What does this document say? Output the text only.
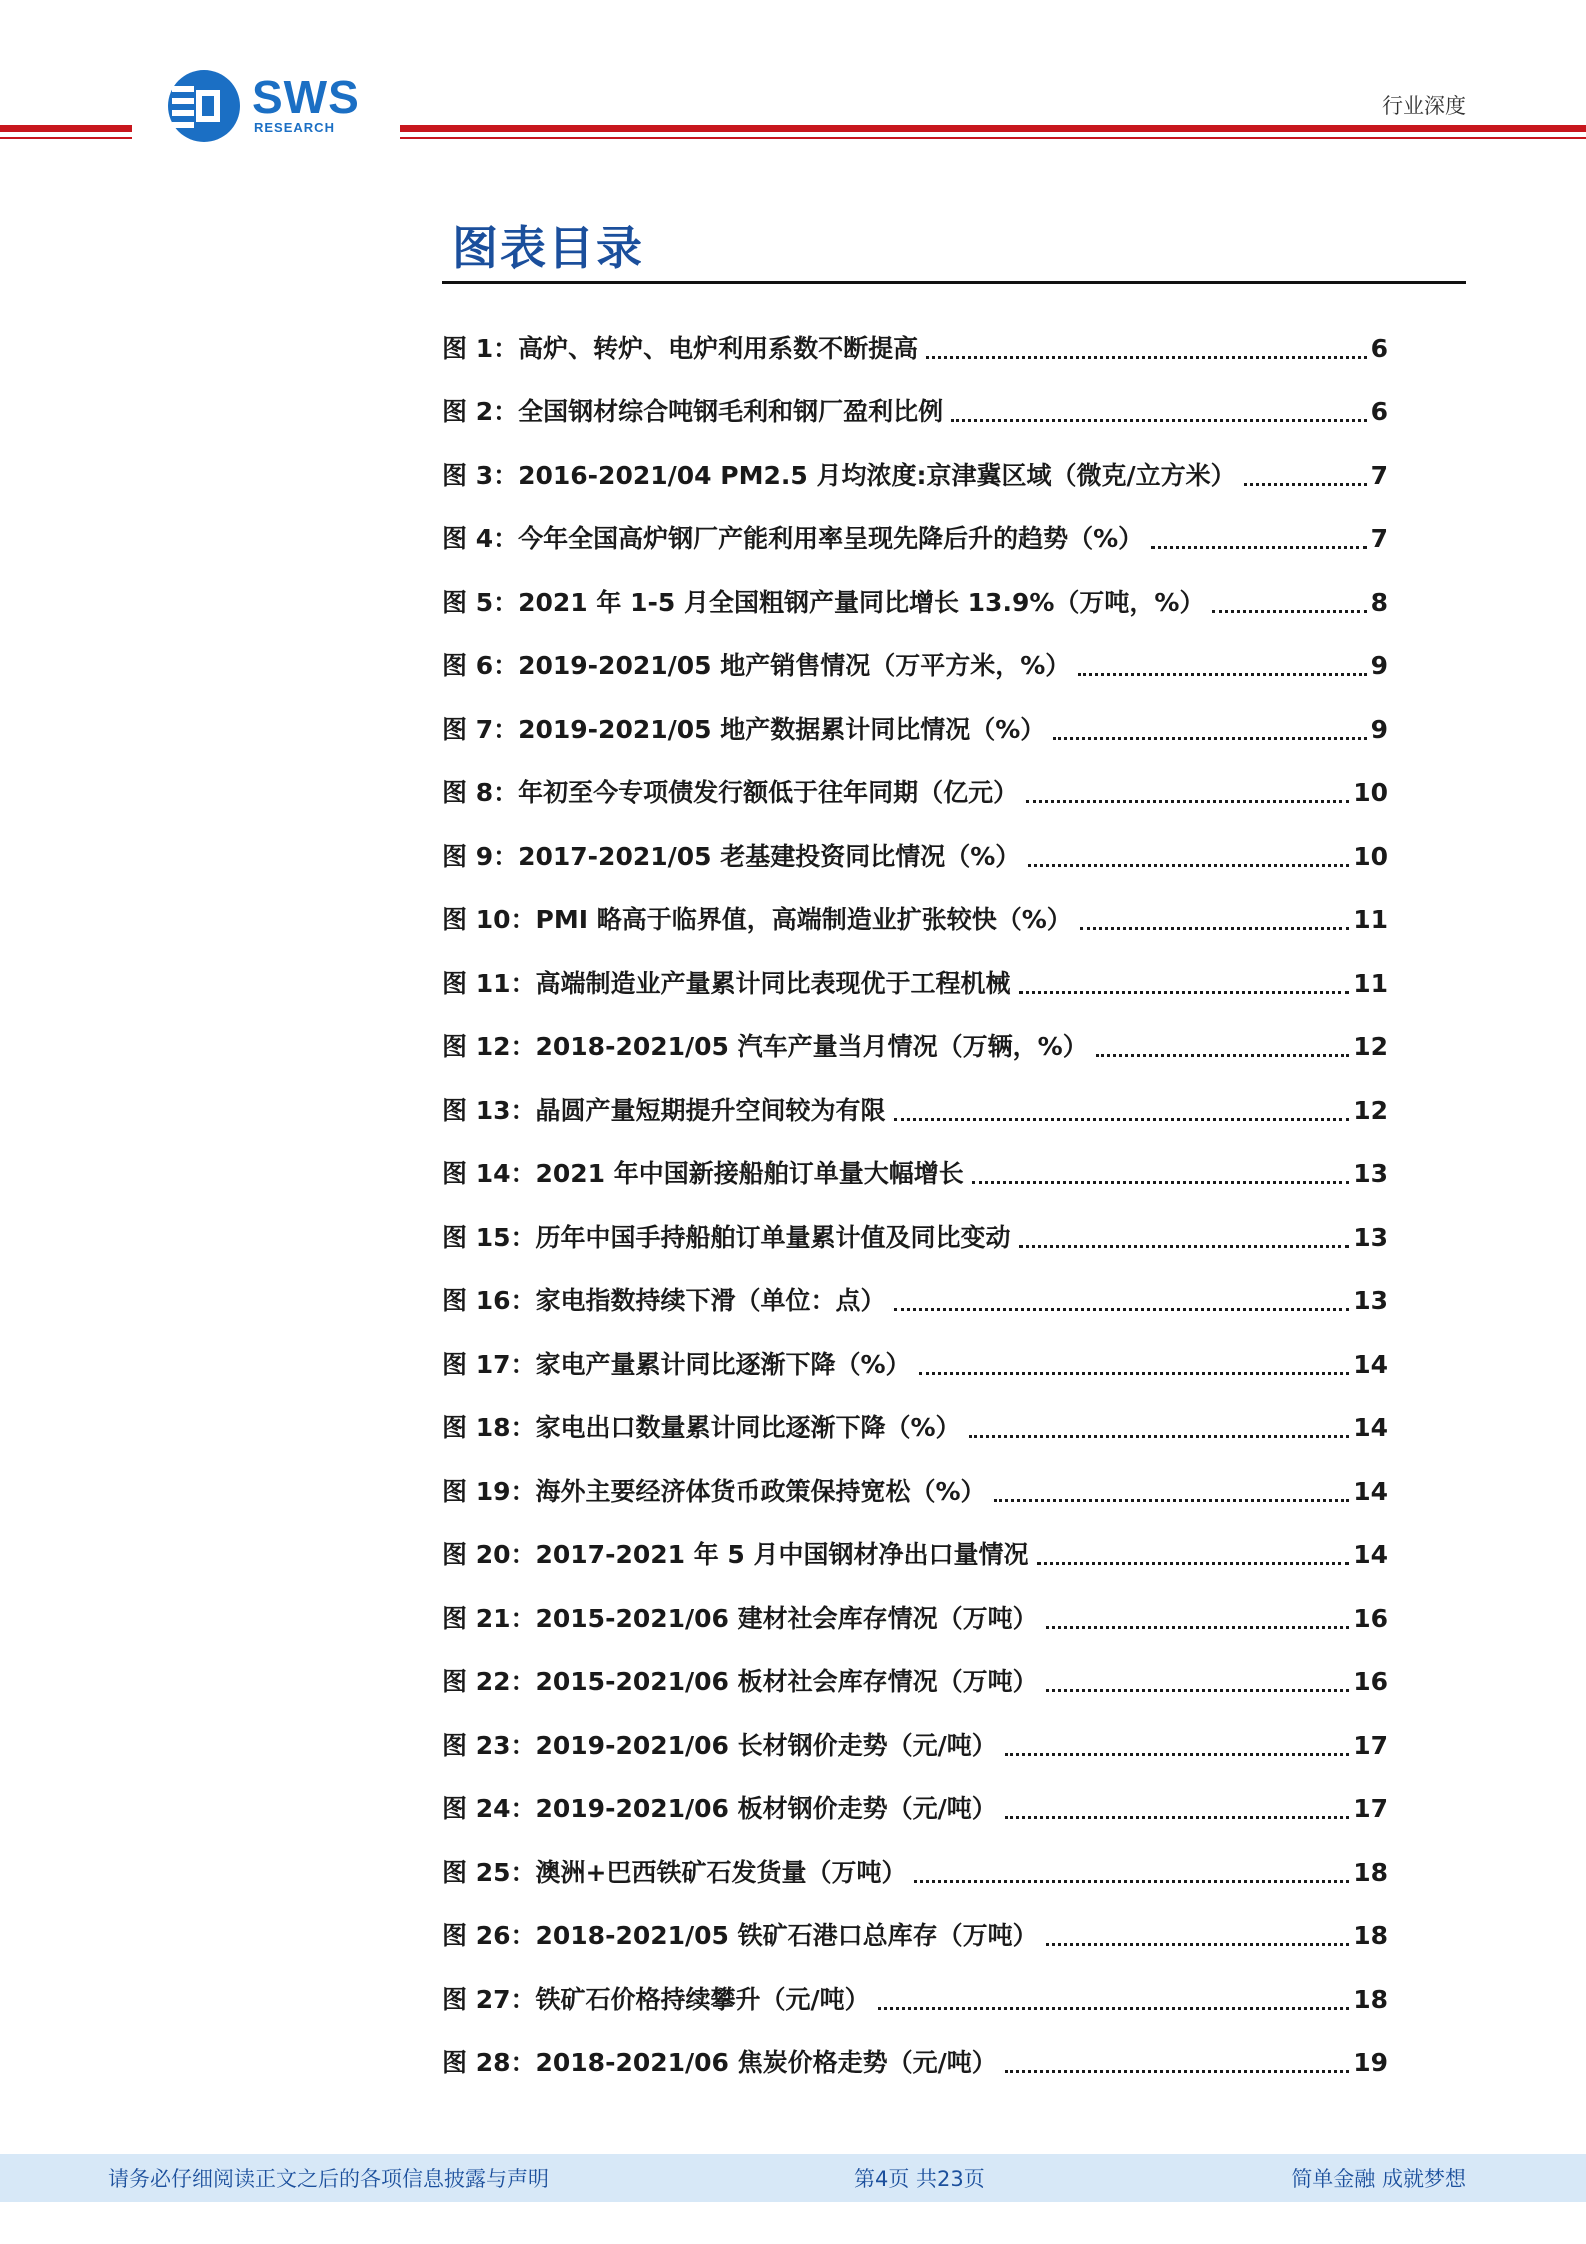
SWS
RESEARCH
行业深度
图表目录
图 1：高炉、转炉、电炉利用系数不断提高	6
图 2：全国钢材综合吨钢毛利和钢厂盈利比例	6
图 3：2016-2021/04 PM2.5 月均浓度:京津冀区域（微克/立方米）	7
图 4：今年全国高炉钢厂产能利用率呈现先降后升的趋势（%）	7
图 5：2021 年 1-5 月全国粗钢产量同比增长 13.9%（万吨，%）	8
图 6：2019-2021/05 地产销售情况（万平方米，%）	9
图 7：2019-2021/05 地产数据累计同比情况（%）	9
图 8：年初至今专项债发行额低于往年同期（亿元）	10
图 9：2017-2021/05 老基建投资同比情况（%）	10
图 10：PMI 略高于临界值，高端制造业扩张较快（%）	11
图 11：高端制造业产量累计同比表现优于工程机械	11
图 12：2018-2021/05 汽车产量当月情况（万辆，%）	12
图 13：晶圆产量短期提升空间较为有限	12
图 14：2021 年中国新接船舶订单量大幅增长	13
图 15：历年中国手持船舶订单量累计值及同比变动	13
图 16：家电指数持续下滑（单位：点）	13
图 17：家电产量累计同比逐渐下降（%）	14
图 18：家电出口数量累计同比逐渐下降（%）	14
图 19：海外主要经济体货币政策保持宽松（%）	14
图 20：2017-2021 年 5 月中国钢材净出口量情况	14
图 21：2015-2021/06 建材社会库存情况（万吨）	16
图 22：2015-2021/06 板材社会库存情况（万吨）	16
图 23：2019-2021/06 长材钢价走势（元/吨）	17
图 24：2019-2021/06 板材钢价走势（元/吨）	17
图 25：澳洲+巴西铁矿石发货量（万吨）	18
图 26：2018-2021/05 铁矿石港口总库存（万吨）	18
图 27：铁矿石价格持续攀升（元/吨）	18
图 28：2018-2021/06 焦炭价格走势（元/吨）	19
请务必仔细阅读正文之后的各项信息披露与声明	第4页 共23页	简单金融 成就梦想
